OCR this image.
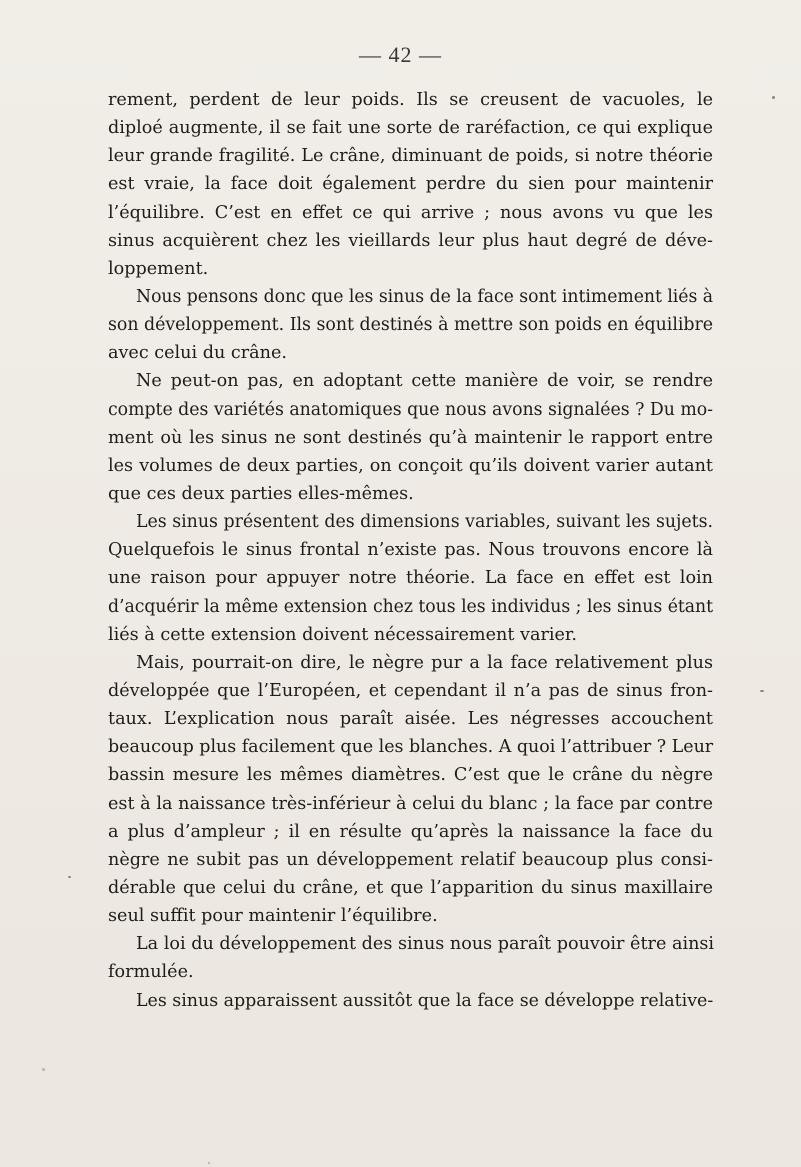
— 42 —
rement, perdent de leur poids. Ils se creusent de vacuoles, le
diploé augmente, il se fait une sorte de raréfaction, ce qui explique
leur grande fragilité. Le crâne, diminuant de poids, si notre théorie
est vraie, la face doit également perdre du sien pour maintenir
l’équilibre. C’est en effet ce qui arrive ; nous avons vu que les
sinus acquièrent chez les vieillards leur plus haut degré de déve-
loppement.
Nous pensons donc que les sinus de la face sont intimement liés à
son développement. Ils sont destinés à mettre son poids en équilibre
avec celui du crâne.
Ne peut-on pas, en adoptant cette manière de voir, se rendre
compte des variétés anatomiques que nous avons signalées ? Du mo-
ment où les sinus ne sont destinés qu’à maintenir le rapport entre
les volumes de deux parties, on conçoit qu’ils doivent varier autant
que ces deux parties elles-mêmes.
Les sinus présentent des dimensions variables, suivant les sujets.
Quelquefois le sinus frontal n’existe pas. Nous trouvons encore là
une raison pour appuyer notre théorie. La face en effet est loin
d’acquérir la même extension chez tous les individus ; les sinus étant
liés à cette extension doivent nécessairement varier.
Mais, pourrait-on dire, le nègre pur a la face relativement plus
développée que l’Européen, et cependant il n’a pas de sinus fron-
taux. L’explication nous paraît aisée. Les négresses accouchent
beaucoup plus facilement que les blanches. A quoi l’attribuer ? Leur
bassin mesure les mêmes diamètres. C’est que le crâne du nègre
est à la naissance très-inférieur à celui du blanc ; la face par contre
a plus d’ampleur ; il en résulte qu’après la naissance la face du
nègre ne subit pas un développement relatif beaucoup plus consi-
dérable que celui du crâne, et que l’apparition du sinus maxillaire
seul suffit pour maintenir l’équilibre.
La loi du développement des sinus nous paraît pouvoir être ainsi
formulée.
Les sinus apparaissent aussitôt que la face se développe relative-
